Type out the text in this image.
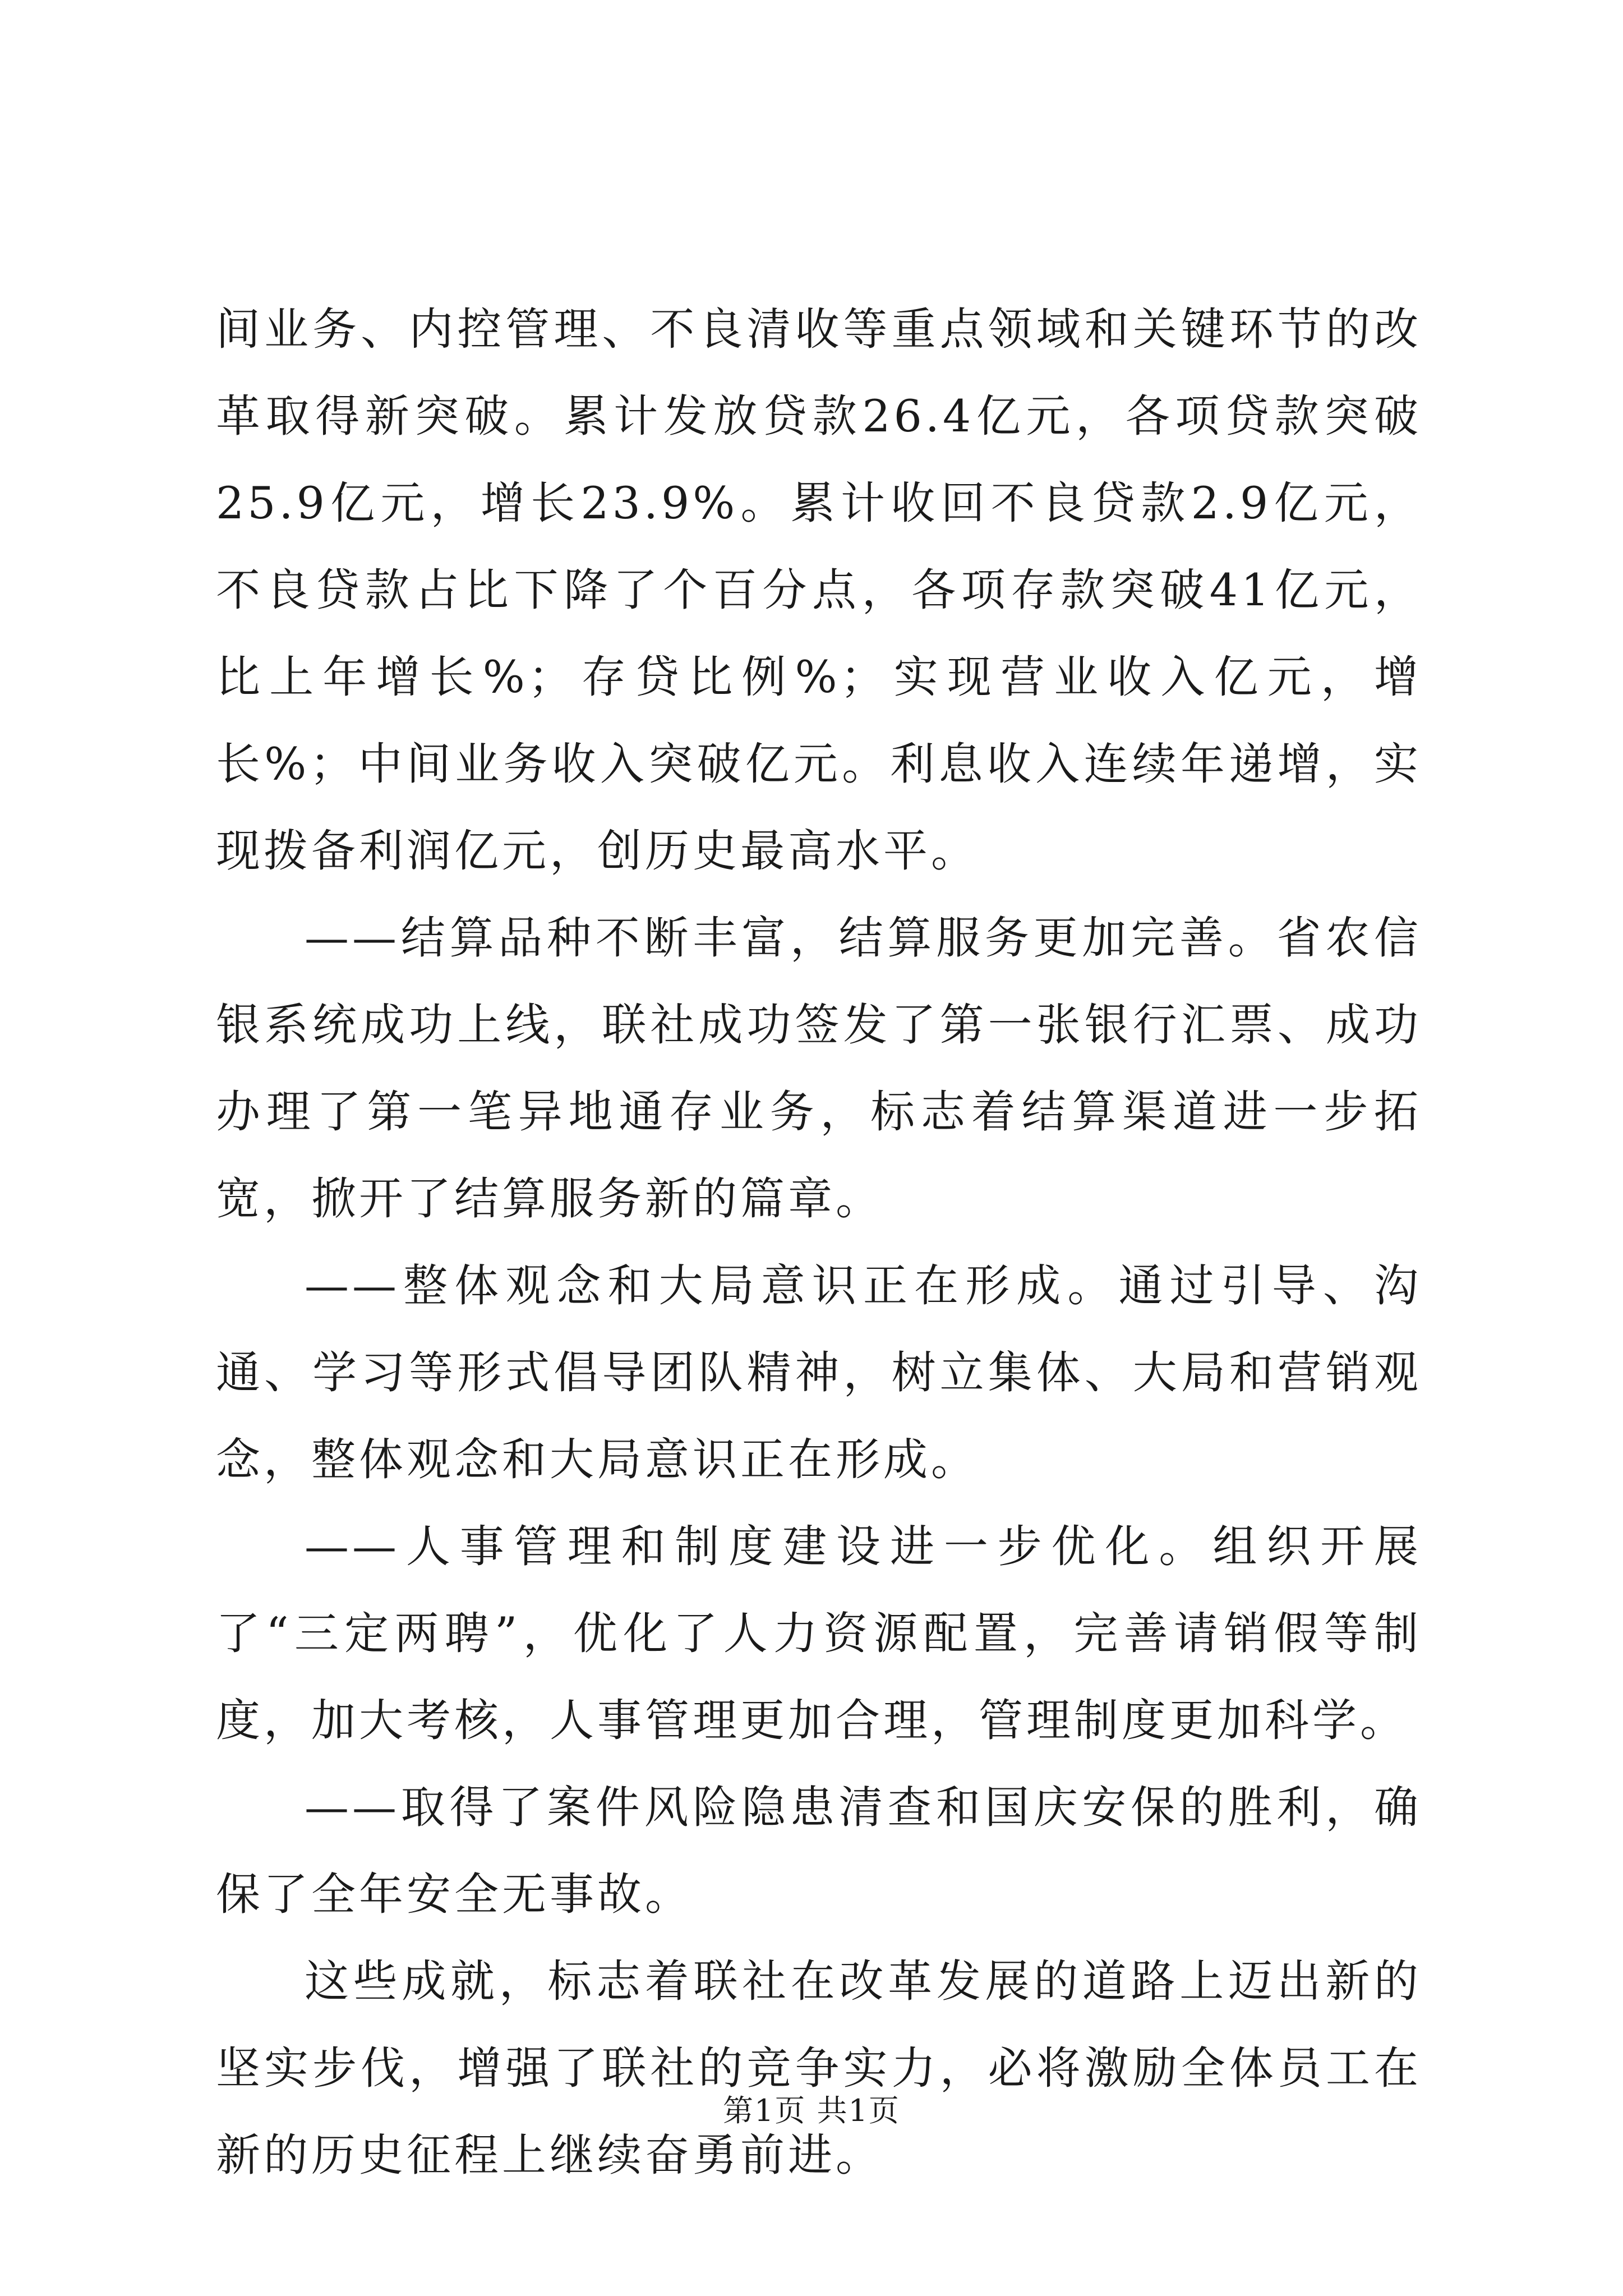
间业务、内控管理、不良清收等重点领域和关键环节的改革取得新突破。累计发放贷款26.4亿元，各项贷款突破25.9亿元，增长23.9%。累计收回不良贷款2.9亿元，不良贷款占比下降了个百分点，各项存款突破41亿元，比上年增长%；存贷比例%；实现营业收入亿元，增长%；中间业务收入突破亿元。利息收入连续年递增，实现拨备利润亿元，创历史最高水平。

——结算品种不断丰富，结算服务更加完善。省农信银系统成功上线，联社成功签发了第一张银行汇票、成功办理了第一笔异地通存业务，标志着结算渠道进一步拓宽，掀开了结算服务新的篇章。

——整体观念和大局意识正在形成。通过引导、沟通、学习等形式倡导团队精神，树立集体、大局和营销观念，整体观念和大局意识正在形成。

——人事管理和制度建设进一步优化。组织开展了“三定两聘”，优化了人力资源配置，完善请销假等制度，加大考核，人事管理更加合理，管理制度更加科学。

——取得了案件风险隐患清查和国庆安保的胜利，确保了全年安全无事故。

这些成就，标志着联社在改革发展的道路上迈出新的坚实步伐，增强了联社的竞争实力，必将激励全体员工在新的历史征程上继续奋勇前进。

第1页 共1页
